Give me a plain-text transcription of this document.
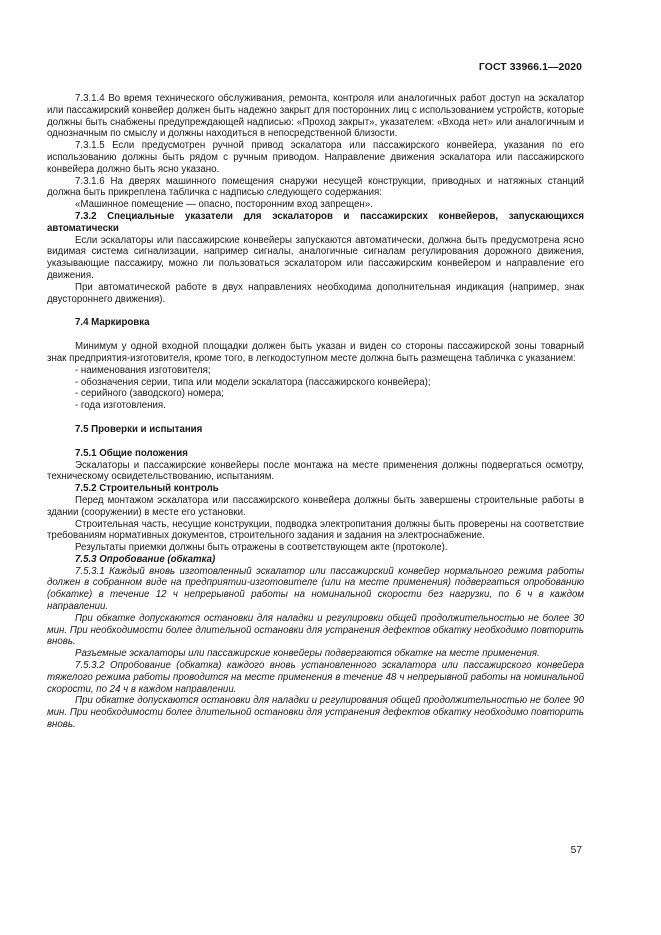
ГОСТ 33966.1—2020

7.3.1.4 Во время технического обслуживания, ремонта, контроля или аналогичных работ доступ на эскалатор или пассажирский конвейер должен быть надежно закрыт для посторонних лиц с использованием устройств, которые должны быть снабжены предупреждающей надписью: «Проход закрыт», указателем: «Входа нет» или аналогичным и однозначным по смыслу и должны находиться в непосредственной близости.

7.3.1.5 Если предусмотрен ручной привод эскалатора или пассажирского конвейера, указания по его использованию должны быть рядом с ручным приводом. Направление движения эскалатора или пассажирского конвейера должно быть ясно указано.

7.3.1.6 На дверях машинного помещения снаружи несущей конструкции, приводных и натяжных станций должна быть прикреплена табличка с надписью следующего содержания:

«Машинное помещение — опасно, посторонним вход запрещен».

7.3.2 Специальные указатели для эскалаторов и пассажирских конвейеров, запускающихся автоматически

Если эскалаторы или пассажирские конвейеры запускаются автоматически, должна быть предусмотрена ясно видимая система сигнализации, например сигналы, аналогичные сигналам регулирования дорожного движения, указывающие пассажиру, можно ли пользоваться эскалатором или пассажирским конвейером и направление его движения.

При автоматической работе в двух направлениях необходима дополнительная индикация (например, знак двустороннего движения).

7.4 Маркировка

Минимум у одной входной площадки должен быть указан и виден со стороны пассажирской зоны товарный знак предприятия-изготовителя, кроме того, в легкодоступном месте должна быть размещена табличка с указанием:

- наименования изготовителя;

- обозначения серии, типа или модели эскалатора (пассажирского конвейера);

- серийного (заводского) номера;

- года изготовления.

7.5 Проверки и испытания

7.5.1 Общие положения

Эскалаторы и пассажирские конвейеры после монтажа на месте применения должны подвергаться осмотру, техническому освидетельствованию, испытаниям.

7.5.2 Строительный контроль

Перед монтажом эскалатора или пассажирского конвейера должны быть завершены строительные работы в здании (сооружении) в месте его установки.

Строительная часть, несущие конструкции, подводка электропитания должны быть проверены на соответствие требованиям нормативных документов, строительного задания и задания на электроснабжение.

Результаты приемки должны быть отражены в соответствующем акте (протоколе).

7.5.3 Опробование (обкатка)

7.5.3.1 Каждый вновь изготовленный эскалатор или пассажирский конвейер нормального режима работы должен в собранном виде на предприятии-изготовителе (или на месте применения) подвергаться опробованию (обкатке) в течение 12 ч непрерывной работы на номинальной скорости без нагрузки, по 6 ч в каждом направлении.

При обкатке допускаются остановки для наладки и регулировки общей продолжительностью не более 30 мин. При необходимости более длительной остановки для устранения дефектов обкатку необходимо повторить вновь.

Разъемные эскалаторы или пассажирские конвейеры подвергаются обкатке на месте применения.

7.5.3.2 Опробование (обкатка) каждого вновь установленного эскалатора или пассажирского конвейера тяжелого режима работы проводится на месте применения в течение 48 ч непрерывной работы на номинальной скорости, по 24 ч в каждом направлении.

При обкатке допускаются остановки для наладки и регулирования общей продолжительностью не более 90 мин. При необходимости более длительной остановки для устранения дефектов обкатку необходимо повторить вновь.

57
